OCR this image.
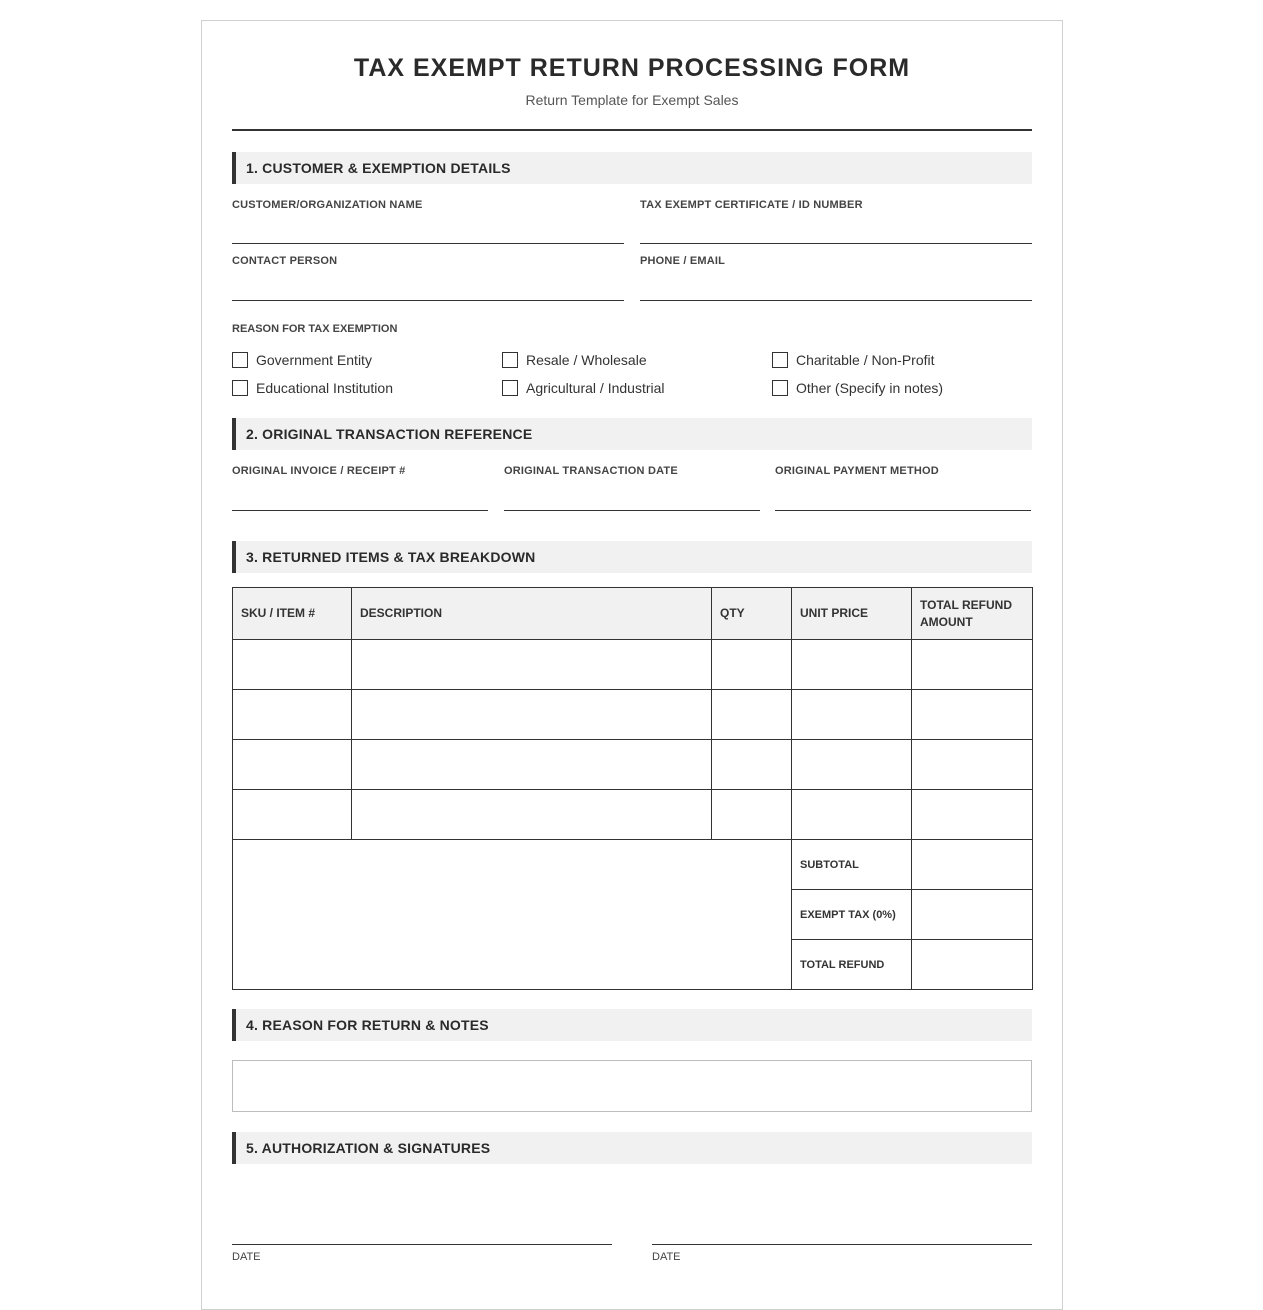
TAX EXEMPT RETURN PROCESSING FORM
Return Template for Exempt Sales
1. CUSTOMER & EXEMPTION DETAILS
CUSTOMER/ORGANIZATION NAME	TAX EXEMPT CERTIFICATE / ID NUMBER
CONTACT PERSON	PHONE / EMAIL
REASON FOR TAX EXEMPTION
Government Entity	Resale / Wholesale	Charitable / Non-Profit
Educational Institution	Agricultural / Industrial	Other (Specify in notes)
2. ORIGINAL TRANSACTION REFERENCE
ORIGINAL INVOICE / RECEIPT #	ORIGINAL TRANSACTION DATE	ORIGINAL PAYMENT METHOD
3. RETURNED ITEMS & TAX BREAKDOWN
SKU / ITEM #	DESCRIPTION	QTY	UNIT PRICE	TOTAL REFUND AMOUNT

			SUBTOTAL	
			EXEMPT TAX (0%)	
			TOTAL REFUND	
4. REASON FOR RETURN & NOTES
5. AUTHORIZATION & SIGNATURES
DATE	DATE
